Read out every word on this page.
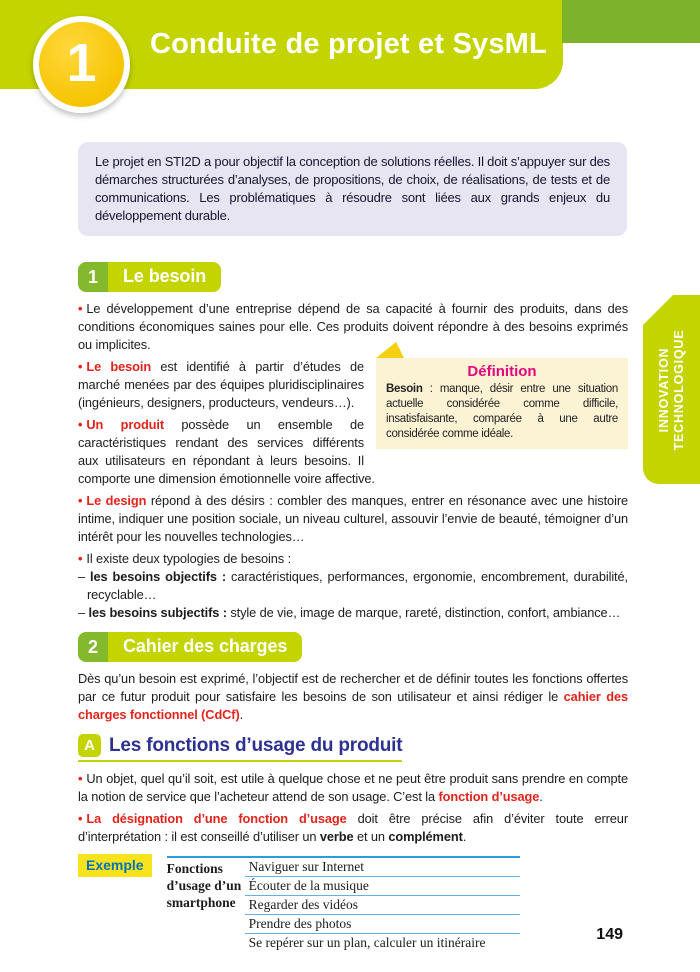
Conduite de projet et SysML
1
INNOVATION TECHNOLOGIQUE

Le projet en STI2D a pour objectif la conception de solutions réelles. Il doit s’appuyer sur des démarches structurées d’analyses, de propositions, de choix, de réalisations, de tests et de communications. Les problématiques à résoudre sont liées aux grands enjeux du développement durable.

1	Le besoin

• Le développement d’une entreprise dépend de sa capacité à fournir des produits, dans des conditions économiques saines pour elle. Ces produits doivent répondre à des besoins exprimés ou implicites.

Définition
Besoin : manque, désir entre une situation actuelle considérée comme difficile, insatisfaisante, comparée à une autre considérée comme idéale.

• Le besoin est identifié à partir d’études de marché menées par des équipes pluridisciplinaires (ingénieurs, designers, producteurs, vendeurs…).

• Un produit possède un ensemble de caractéristiques rendant des services différents aux utilisateurs en répondant à leurs besoins. Il comporte une dimension émotionnelle voire affective.

• Le design répond à des désirs : combler des manques, entrer en résonance avec une histoire intime, indiquer une position sociale, un niveau culturel, assouvir l’envie de beauté, témoigner d’un intérêt pour les nouvelles technologies…

• Il existe deux typologies de besoins :

– les besoins objectifs : caractéristiques, performances, ergonomie, encombrement, durabilité, recyclable…

– les besoins subjectifs : style de vie, image de marque, rareté, distinction, confort, ambiance…

2	Cahier des charges

Dès qu’un besoin est exprimé, l’objectif est de rechercher et de définir toutes les fonctions offertes par ce futur produit pour satisfaire les besoins de son utilisateur et ainsi rédiger le cahier des charges fonctionnel (CdCf).

A Les fonctions d’usage du produit

• Un objet, quel qu’il soit, est utile à quelque chose et ne peut être produit sans prendre en compte la notion de service que l’acheteur attend de son usage. C’est la fonction d’usage.

• La désignation d’une fonction d’usage doit être précise afin d’éviter toute erreur d’interprétation : il est conseillé d’utiliser un verbe et un complément.

Exemple	Fonctions d’usage d’un smartphone
Naviguer sur Internet
Écouter de la musique
Regarder des vidéos
Prendre des photos
Se repérer sur un plan, calculer un itinéraire	149
